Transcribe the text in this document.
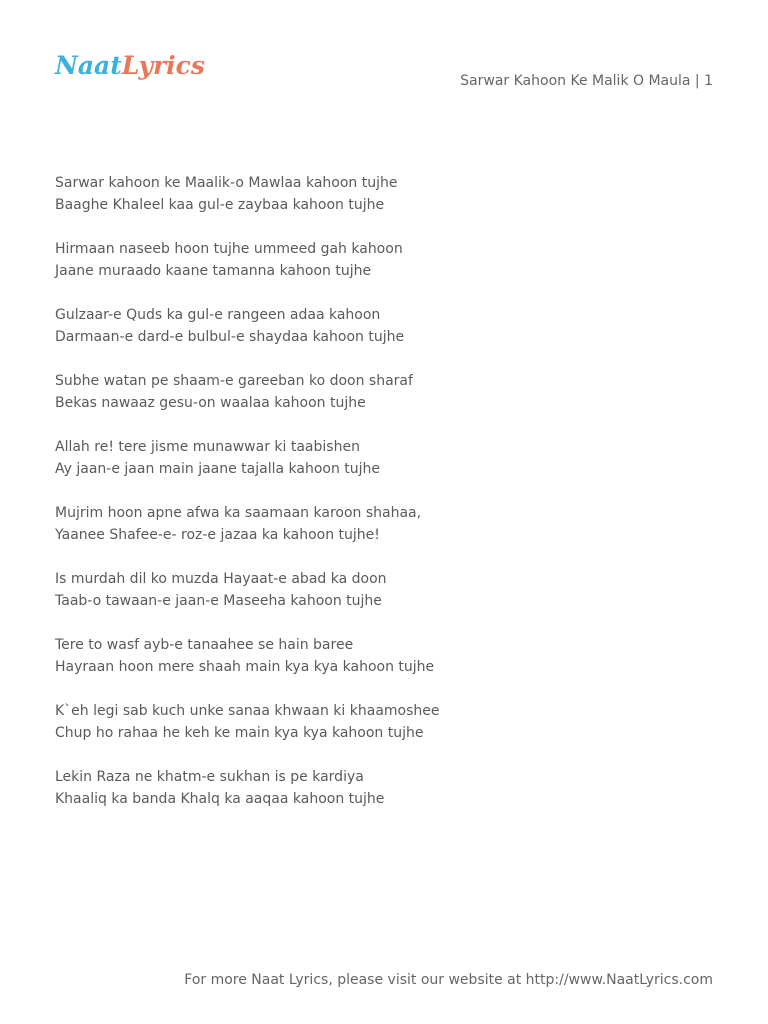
NaatLyrics
Sarwar Kahoon Ke Malik O Maula | 1
Sarwar kahoon ke Maalik-o Mawlaa kahoon tujhe
Baaghe Khaleel kaa gul-e zaybaa kahoon tujhe
Hirmaan naseeb hoon tujhe ummeed gah kahoon
Jaane muraado kaane tamanna kahoon tujhe
Gulzaar-e Quds ka gul-e rangeen adaa kahoon
Darmaan-e dard-e bulbul-e shaydaa kahoon tujhe
Subhe watan pe shaam-e gareeban ko doon sharaf
Bekas nawaaz gesu-on waalaa kahoon tujhe
Allah re! tere jisme munawwar ki taabishen
Ay jaan-e jaan main jaane tajalla kahoon tujhe
Mujrim hoon apne afwa ka saamaan karoon shahaa,
Yaanee Shafee-e- roz-e jazaa ka kahoon tujhe!
Is murdah dil ko muzda Hayaat-e abad ka doon
Taab-o tawaan-e jaan-e Maseeha kahoon tujhe
Tere to wasf ayb-e tanaahee se hain baree
Hayraan hoon mere shaah main kya kya kahoon tujhe
K`eh legi sab kuch unke sanaa khwaan ki khaamoshee
Chup ho rahaa he keh ke main kya kya kahoon tujhe
Lekin Raza ne khatm-e sukhan is pe kardiya
Khaaliq ka banda Khalq ka aaqaa kahoon tujhe
For more Naat Lyrics, please visit our website at http://www.NaatLyrics.com
